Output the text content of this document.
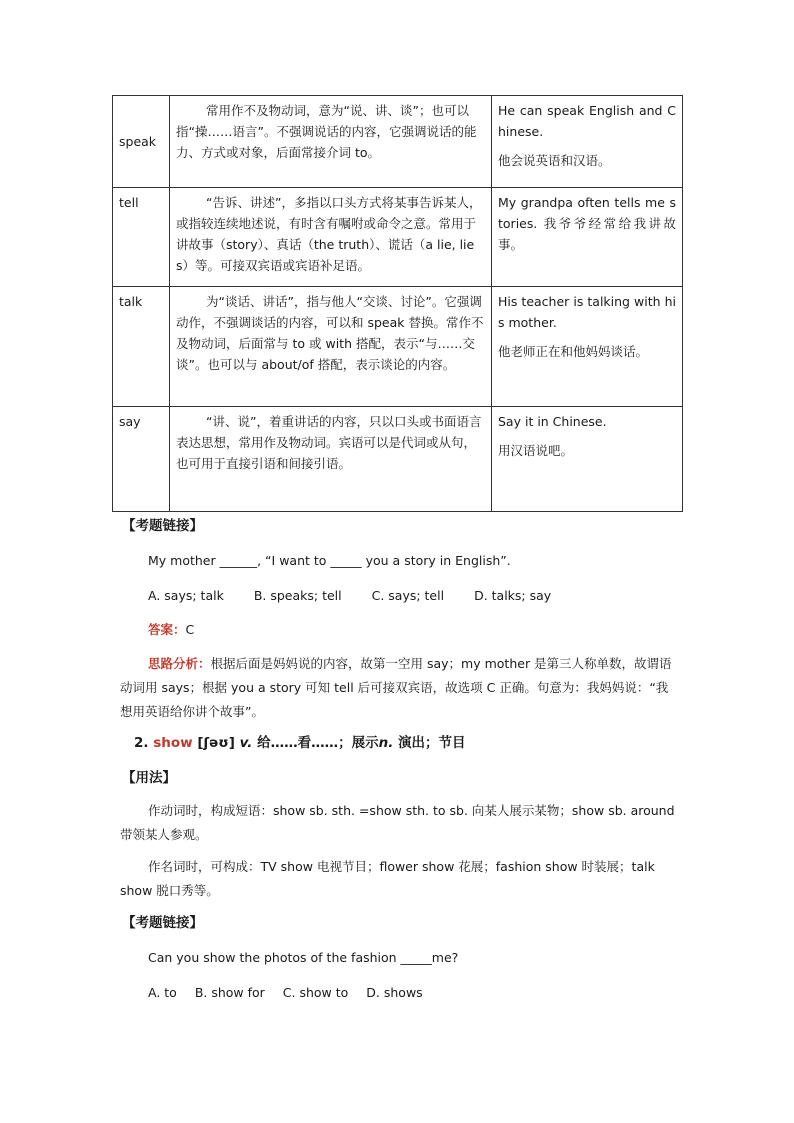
speak	常用作不及物动词，意为“说、讲、谈”；也可以指“操……语言”。不强调说话的内容，它强调说话的能力、方式或对象，后面常接介词 to。	He can speak English and Chinese.

他会说英语和汉语。

tell	“告诉、讲述”，多指以口头方式将某事告诉某人，或指较连续地述说，有时含有嘱咐或命令之意。常用于讲故事（story）、真话（the truth）、谎话（a lie, lies）等。可接双宾语或宾语补足语。	My grandpa often tells me stories. 我爷爷经常给我讲故事。

talk	为“谈话、讲话”，指与他人“交谈、讨论”。它强调动作，不强调谈话的内容，可以和 speak 替换。常作不及物动词，后面常与 to 或 with 搭配，表示“与……交谈”。也可以与 about/of 搭配，表示谈论的内容。	His teacher is talking with his mother.

他老师正在和他妈妈谈话。

say	“讲、说”，着重讲话的内容，只以口头或书面语言表达思想，常用作及物动词。宾语可以是代词或从句，也可用于直接引语和间接引语。	Say it in Chinese.

用汉语说吧。

【考题链接】
My mother ______, “I want to _____ you a story in English”.
A. says; talk B. speaks; tell C. says; tell D. talks; say
答案：C
思路分析：根据后面是妈妈说的内容，故第一空用 say；my mother 是第三人称单数，故谓语动词用 says；根据 you a story 可知 tell 后可接双宾语，故选项 C 正确。句意为：我妈妈说：“我想用英语给你讲个故事”。
2. show [ʃəʊ] v. 给……看……；展示n. 演出；节目
【用法】
作动词时，构成短语：show sb. sth. =show sth. to sb. 向某人展示某物；show sb. around 带领某人参观。
作名词时，可构成：TV show 电视节目；flower show 花展；fashion show 时装展；talk show 脱口秀等。
【考题链接】
Can you show the photos of the fashion _____me?
A. to B. show for C. show to D. shows
